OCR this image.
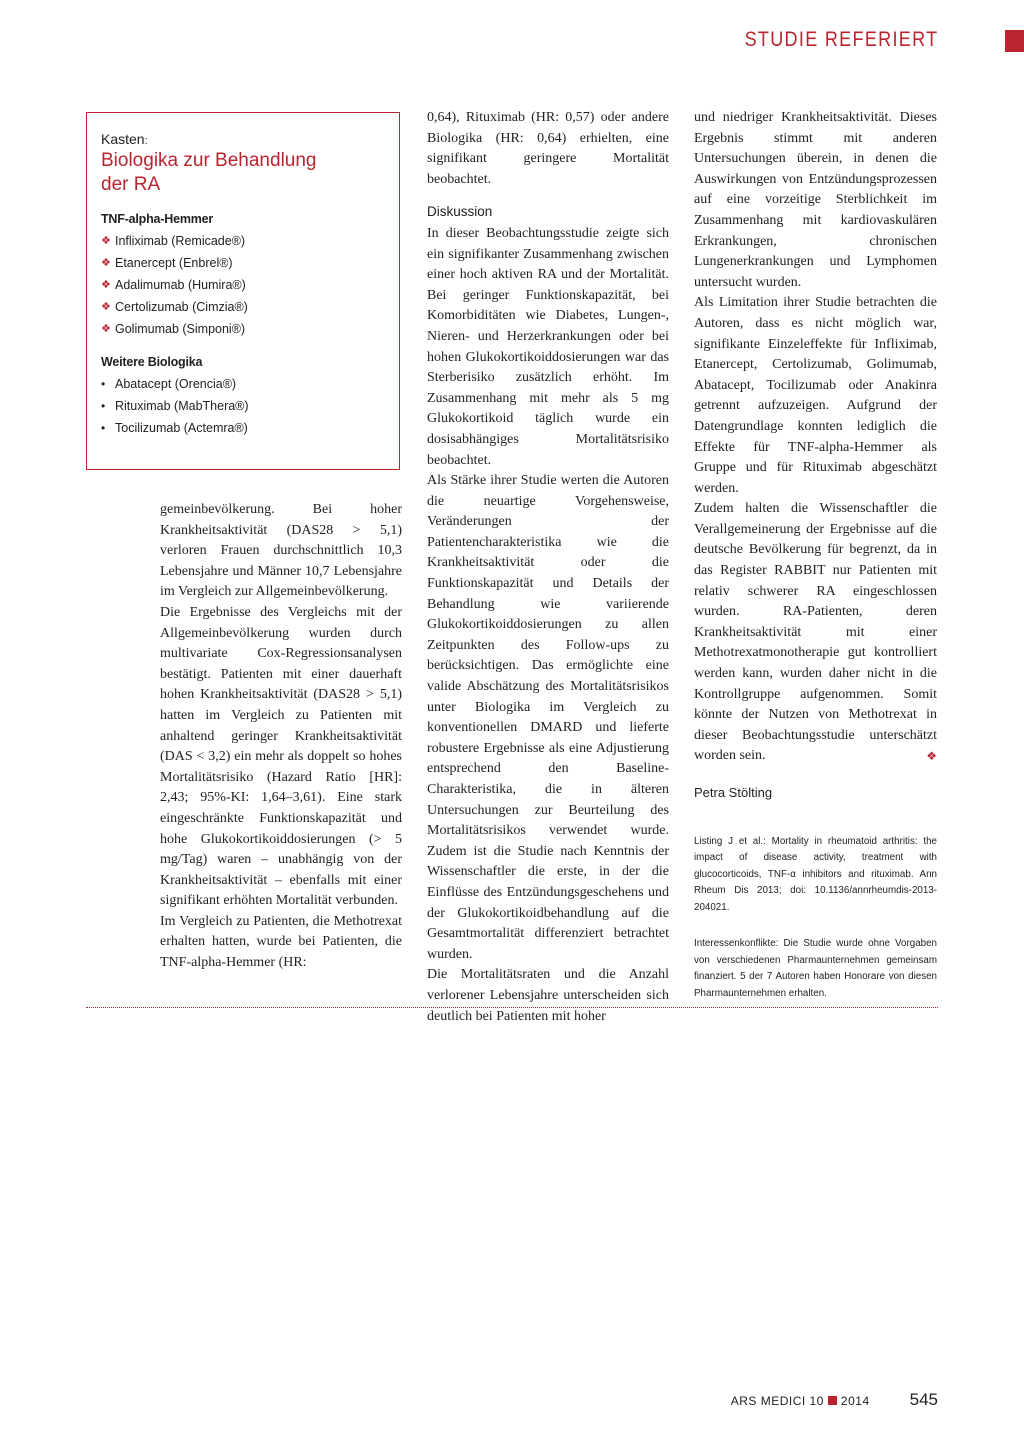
STUDIE REFERIERT
Kasten:
Biologika zur Behandlung
der RA
TNF-alpha-Hemmer
❖ Infliximab (Remicade®)
❖ Etanercept (Enbrel®)
❖ Adalimumab (Humira®)
❖ Certolizumab (Cimzia®)
❖ Golimumab (Simponi®)
Weitere Biologika
• Abatacept (Orencia®)
• Rituximab (MabThera®)
• Tocilizumab (Actemra®)

gemeinbevölkerung. Bei hoher Krankheitsaktivität (DAS28 > 5,1) verloren Frauen durchschnittlich 10,3 Lebensjahre und Männer 10,7 Lebensjahre im Vergleich zur Allgemeinbevölkerung.

Die Ergebnisse des Vergleichs mit der Allgemeinbevölkerung wurden durch multivariate Cox-Regressionsanalysen bestätigt. Patienten mit einer dauerhaft hohen Krankheitsaktivität (DAS28 > 5,1) hatten im Vergleich zu Patienten mit anhaltend geringer Krankheitsaktivität (DAS < 3,2) ein mehr als doppelt so hohes Mortalitätsrisiko (Hazard Ratio [HR]: 2,43; 95%-KI: 1,64–3,61). Eine stark eingeschränkte Funktionskapazität und hohe Glukokortikoiddosierungen (> 5 mg/Tag) waren – unabhängig von der Krankheitsaktivität – ebenfalls mit einer signifikant erhöhten Mortalität verbunden.

Im Vergleich zu Patienten, die Methotrexat erhalten hatten, wurde bei Patienten, die TNF-alpha-Hemmer (HR:

0,64), Rituximab (HR: 0,57) oder andere Biologika (HR: 0,64) erhielten, eine signifikant geringere Mortalität beobachtet.

Diskussion

In dieser Beobachtungsstudie zeigte sich ein signifikanter Zusammenhang zwischen einer hoch aktiven RA und der Mortalität. Bei geringer Funktionskapazität, bei Komorbiditäten wie Diabetes, Lungen-, Nieren- und Herzerkrankungen oder bei hohen Glukokortikoiddosierungen war das Sterberisiko zusätzlich erhöht. Im Zusammenhang mit mehr als 5 mg Glukokortikoid täglich wurde ein dosisabhängiges Mortalitätsrisiko beobachtet.

Als Stärke ihrer Studie werten die Autoren die neuartige Vorgehensweise, Veränderungen der Patientencharakteristika wie die Krankheitsaktivität oder die Funktionskapazität und Details der Behandlung wie variierende Glukokortikoiddosierungen zu allen Zeitpunkten des Follow-ups zu berücksichtigen. Das ermöglichte eine valide Abschätzung des Mortalitätsrisikos unter Biologika im Vergleich zu konventionellen DMARD und lieferte robustere Ergebnisse als eine Adjustierung entsprechend den Baseline-Charakteristika, die in älteren Untersuchungen zur Beurteilung des Mortalitätsrisikos verwendet wurde. Zudem ist die Studie nach Kenntnis der Wissenschaftler die erste, in der die Einflüsse des Entzündungsgeschehens und der Glukokortikoidbehandlung auf die Gesamtmortalität differenziert betrachtet wurden.

Die Mortalitätsraten und die Anzahl verlorener Lebensjahre unterscheiden sich deutlich bei Patienten mit hoher

und niedriger Krankheitsaktivität. Dieses Ergebnis stimmt mit anderen Untersuchungen überein, in denen die Auswirkungen von Entzündungsprozessen auf eine vorzeitige Sterblichkeit im Zusammenhang mit kardiovaskulären Erkrankungen, chronischen Lungenerkrankungen und Lymphomen untersucht wurden.

Als Limitation ihrer Studie betrachten die Autoren, dass es nicht möglich war, signifikante Einzeleffekte für Infliximab, Etanercept, Certolizumab, Golimumab, Abatacept, Tocilizumab oder Anakinra getrennt aufzuzeigen. Aufgrund der Datengrundlage konnten lediglich die Effekte für TNF-alpha-Hemmer als Gruppe und für Rituximab abgeschätzt werden.

Zudem halten die Wissenschaftler die Verallgemeinerung der Ergebnisse auf die deutsche Bevölkerung für begrenzt, da in das Register RABBIT nur Patienten mit relativ schwerer RA eingeschlossen wurden. RA-Patienten, deren Krankheitsaktivität mit einer Methotrexatmonotherapie gut kontrolliert werden kann, wurden daher nicht in die Kontrollgruppe aufgenommen. Somit könnte der Nutzen von Methotrexat in dieser Beobachtungsstudie unterschätzt worden sein.	❖

Petra Stölting

Listing J et al.: Mortality in rheumatoid arthritis: the impact of disease activity, treatment with glucocorticoids, TNF-α inhibitors and rituximab. Ann Rheum Dis 2013; doi: 10.1136/annrheumdis-2013-204021.

Interessenkonflikte: Die Studie wurde ohne Vorgaben von verschiedenen Pharmaunternehmen gemeinsam finanziert. 5 der 7 Autoren haben Honorare von diesen Pharmaunternehmen erhalten.

ARS MEDICI 10 2014 545
